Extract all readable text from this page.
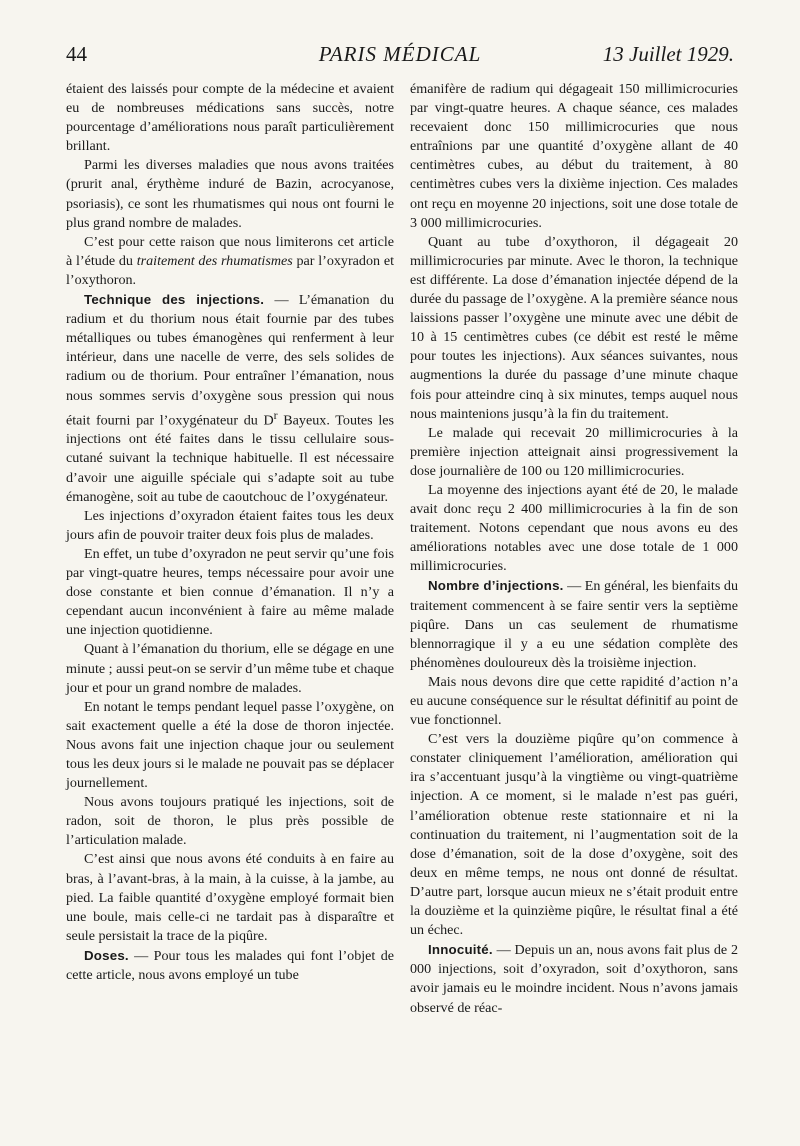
44	PARIS MÉDICAL	13 Juillet 1929.

étaient des laissés pour compte de la médecine et avaient eu de nombreuses médications sans succès, notre pourcentage d’améliorations nous paraît particulièrement brillant.

Parmi les diverses maladies que nous avons traitées (prurit anal, érythème induré de Bazin, acrocyanose, psoriasis), ce sont les rhumatismes qui nous ont fourni le plus grand nombre de malades.

C’est pour cette raison que nous limiterons cet article à l’étude du traitement des rhumatismes par l’oxyradon et l’oxythoron.

Technique des injections. — L’émanation du radium et du thorium nous était fournie par des tubes métalliques ou tubes émanogènes qui renferment à leur intérieur, dans une nacelle de verre, des sels solides de radium ou de thorium. Pour entraîner l’émanation, nous nous sommes servis d’oxygène sous pression qui nous était fourni par l’oxygénateur du $D^r$ Bayeux. Toutes les injections ont été faites dans le tissu cellulaire sous-cutané suivant la technique habituelle. Il est nécessaire d’avoir une aiguille spéciale qui s’adapte soit au tube émanogène, soit au tube de caoutchouc de l’oxygénateur.

Les injections d’oxyradon étaient faites tous les deux jours afin de pouvoir traiter deux fois plus de malades.

En effet, un tube d’oxyradon ne peut servir qu’une fois par vingt-quatre heures, temps nécessaire pour avoir une dose constante et bien connue d’émanation. Il n’y a cependant aucun inconvénient à faire au même malade une injection quotidienne.

Quant à l’émanation du thorium, elle se dégage en une minute ; aussi peut-on se servir d’un même tube et chaque jour et pour un grand nombre de malades.

En notant le temps pendant lequel passe l’oxygène, on sait exactement quelle a été la dose de thoron injectée. Nous avons fait une injection chaque jour ou seulement tous les deux jours si le malade ne pouvait pas se déplacer journellement.

Nous avons toujours pratiqué les injections, soit de radon, soit de thoron, le plus près possible de l’articulation malade.

C’est ainsi que nous avons été conduits à en faire au bras, à l’avant-bras, à la main, à la cuisse, à la jambe, au pied. La faible quantité d’oxygène employé formait bien une boule, mais celle-ci ne tardait pas à disparaître et seule persistait la trace de la piqûre.

Doses. — Pour tous les malades qui font l’objet de cette article, nous avons employé un tube

émanifère de radium qui dégageait 150 millimicrocuries par vingt-quatre heures. A chaque séance, ces malades recevaient donc 150 millimicrocuries que nous entraînions par une quantité d’oxygène allant de 40 centimètres cubes, au début du traitement, à 80 centimètres cubes vers la dixième injection. Ces malades ont reçu en moyenne 20 injections, soit une dose totale de 3 000 millimicrocuries.

Quant au tube d’oxythoron, il dégageait 20 millimicrocuries par minute. Avec le thoron, la technique est différente. La dose d’émanation injectée dépend de la durée du passage de l’oxygène. A la première séance nous laissions passer l’oxygène une minute avec une débit de 10 à 15 centimètres cubes (ce débit est resté le même pour toutes les injections). Aux séances suivantes, nous augmentions la durée du passage d’une minute chaque fois pour atteindre cinq à six minutes, temps auquel nous nous maintenions jusqu’à la fin du traitement.

Le malade qui recevait 20 millimicrocuries à la première injection atteignait ainsi progressivement la dose journalière de 100 ou 120 millimicrocuries.

La moyenne des injections ayant été de 20, le malade avait donc reçu 2 400 millimicrocuries à la fin de son traitement. Notons cependant que nous avons eu des améliorations notables avec une dose totale de 1 000 millimicrocuries.

Nombre d’injections. — En général, les bienfaits du traitement commencent à se faire sentir vers la septième piqûre. Dans un cas seulement de rhumatisme blennorragique il y a eu une sédation complète des phénomènes douloureux dès la troisième injection.

Mais nous devons dire que cette rapidité d’action n’a eu aucune conséquence sur le résultat définitif au point de vue fonctionnel.

C’est vers la douzième piqûre qu’on commence à constater cliniquement l’amélioration, amélioration qui ira s’accentuant jusqu’à la vingtième ou vingt-quatrième injection. A ce moment, si le malade n’est pas guéri, l’amélioration obtenue reste stationnaire et ni la continuation du traitement, ni l’augmentation soit de la dose d’émanation, soit de la dose d’oxygène, soit des deux en même temps, ne nous ont donné de résultat. D’autre part, lorsque aucun mieux ne s’était produit entre la douzième et la quinzième piqûre, le résultat final a été un échec.

Innocuité. — Depuis un an, nous avons fait plus de 2 000 injections, soit d’oxyradon, soit d’oxythoron, sans avoir jamais eu le moindre incident. Nous n’avons jamais observé de réac-
